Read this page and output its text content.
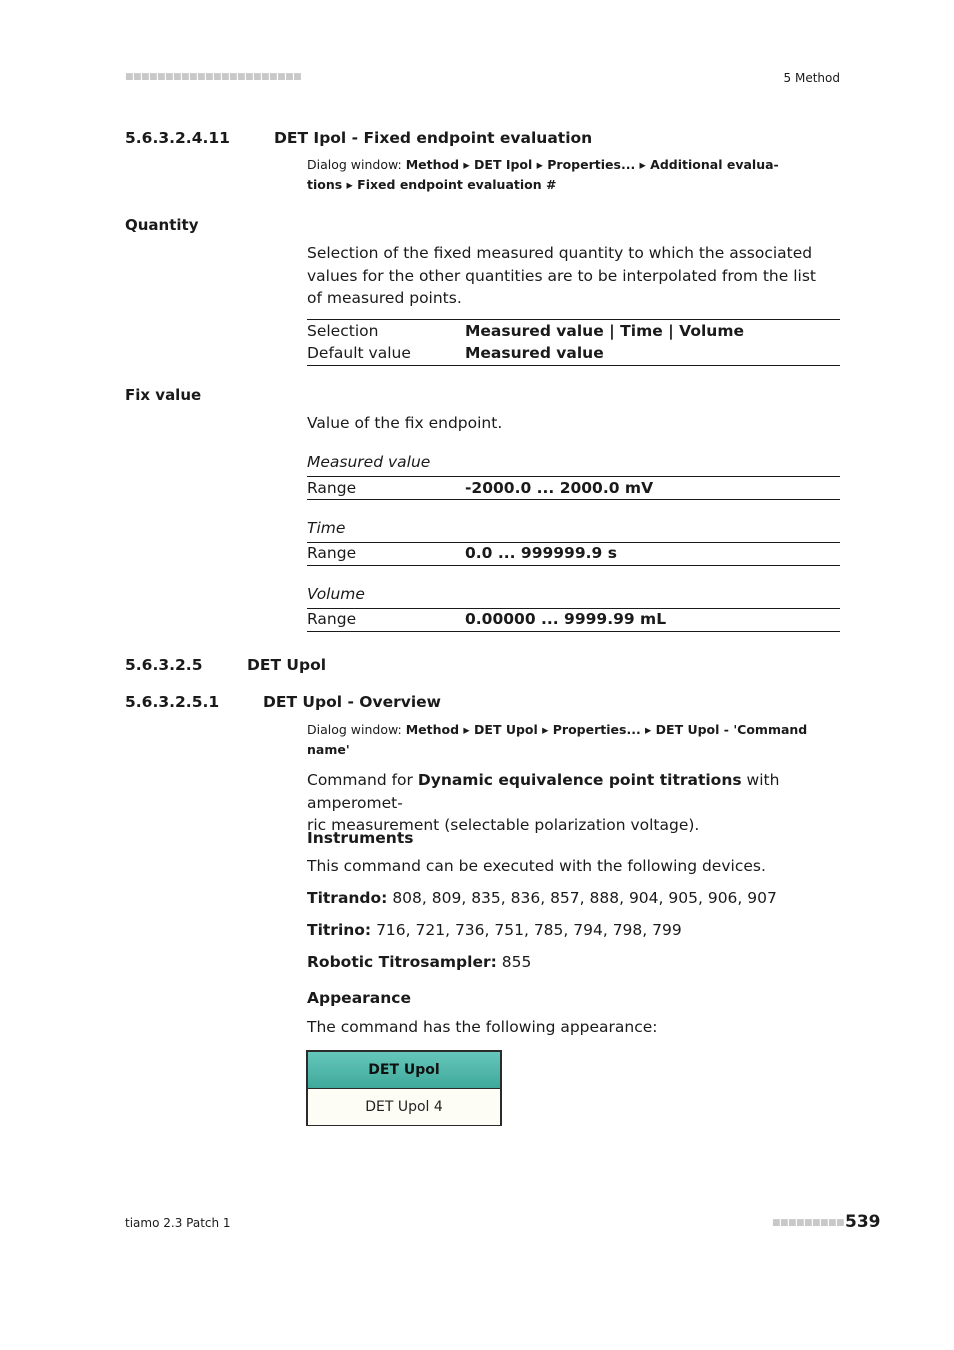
■■■■■■■■■■■■■■■■■■■■■■	5 Method
5.6.3.2.4.11	DET Ipol - Fixed endpoint evaluation
Dialog window: Method ▸ DET Ipol ▸ Properties... ▸ Additional evalua-
tions ▸ Fixed endpoint evaluation #
Quantity
Selection of the fixed measured quantity to which the associated values for the other quantities are to be interpolated from the list of measured points.
Selection	Measured value | Time | Volume
Default value	Measured value
Fix value
Value of the fix endpoint.
Measured value
Range	-2000.0 ... 2000.0 mV
Time
Range	0.0 ... 999999.9 s
Volume
Range	0.00000 ... 9999.99 mL
5.6.3.2.5	DET Upol
5.6.3.2.5.1	DET Upol - Overview
Dialog window: Method ▸ DET Upol ▸ Properties... ▸ DET Upol - 'Command
name'
Command for Dynamic equivalence point titrations with amperomet-
ric measurement (selectable polarization voltage).
Instruments
This command can be executed with the following devices.
Titrando: 808, 809, 835, 836, 857, 888, 904, 905, 906, 907
Titrino: 716, 721, 736, 751, 785, 794, 798, 799
Robotic Titrosampler: 855
Appearance
The command has the following appearance:
DET Upol
DET Upol 4
tiamo 2.3 Patch 1	■■■■■■■■■ 539
